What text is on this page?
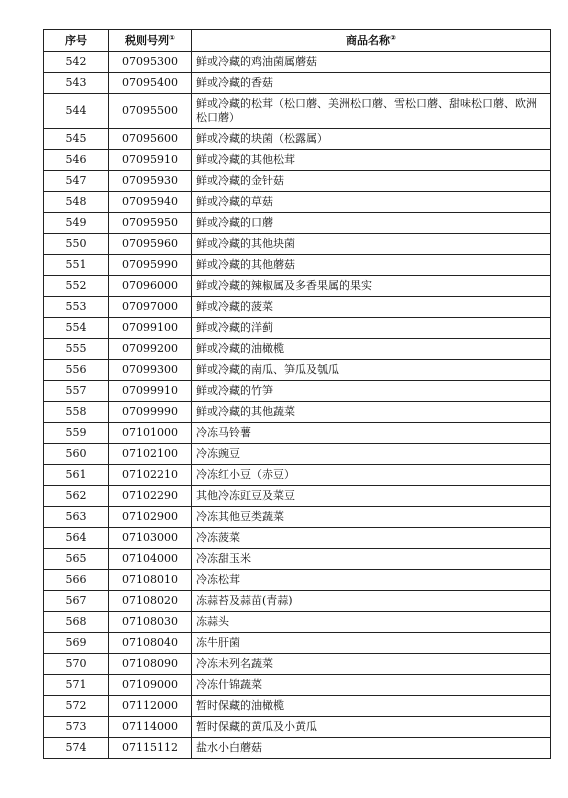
序号	税则号列①	商品名称②
542	07095300	鲜或冷藏的鸡油菌属蘑菇
543	07095400	鲜或冷藏的香菇
544	07095500	鲜或冷藏的松茸（松口蘑、美洲松口蘑、雪松口蘑、甜味松口蘑、欧洲松口蘑）
545	07095600	鲜或冷藏的块菌（松露属）
546	07095910	鲜或冷藏的其他松茸
547	07095930	鲜或冷藏的金针菇
548	07095940	鲜或冷藏的草菇
549	07095950	鲜或冷藏的口蘑
550	07095960	鲜或冷藏的其他块菌
551	07095990	鲜或冷藏的其他蘑菇
552	07096000	鲜或冷藏的辣椒属及多香果属的果实
553	07097000	鲜或冷藏的菠菜
554	07099100	鲜或冷藏的洋蓟
555	07099200	鲜或冷藏的油橄榄
556	07099300	鲜或冷藏的南瓜、笋瓜及瓠瓜
557	07099910	鲜或冷藏的竹笋
558	07099990	鲜或冷藏的其他蔬菜
559	07101000	冷冻马铃薯
560	07102100	冷冻豌豆
561	07102210	冷冻红小豆（赤豆）
562	07102290	其他冷冻豇豆及菜豆
563	07102900	冷冻其他豆类蔬菜
564	07103000	冷冻菠菜
565	07104000	冷冻甜玉米
566	07108010	冷冻松茸
567	07108020	冻蒜苔及蒜苗(青蒜)
568	07108030	冻蒜头
569	07108040	冻牛肝菌
570	07108090	冷冻未列名蔬菜
571	07109000	冷冻什锦蔬菜
572	07112000	暂时保藏的油橄榄
573	07114000	暂时保藏的黄瓜及小黄瓜
574	07115112	盐水小白蘑菇
